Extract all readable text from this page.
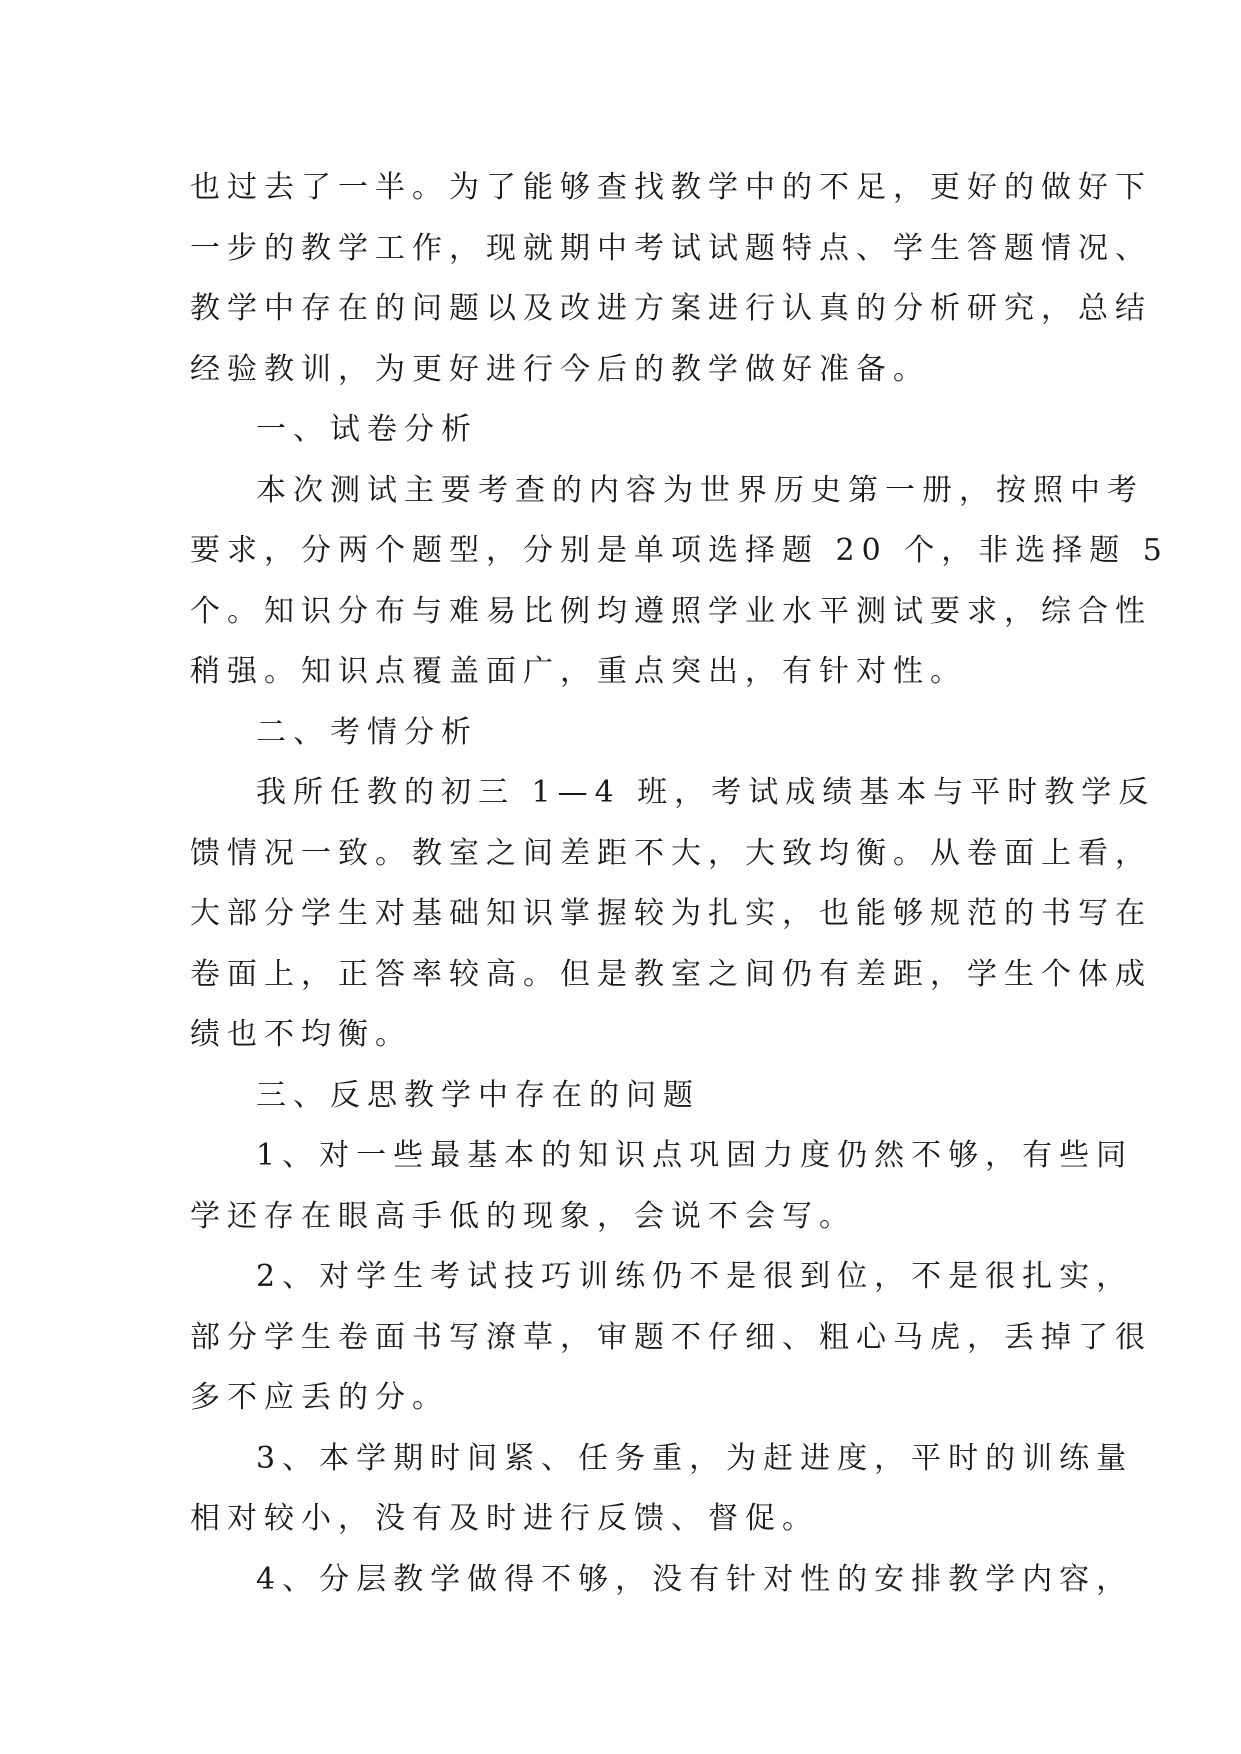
也过去了一半。为了能够查找教学中的不足，更好的做好下
一步的教学工作，现就期中考试试题特点、学生答题情况、
教学中存在的问题以及改进方案进行认真的分析研究，总结
经验教训，为更好进行今后的教学做好准备。
一、试卷分析
本次测试主要考查的内容为世界历史第一册，按照中考
要求，分两个题型，分别是单项选择题 20 个，非选择题 5
个。知识分布与难易比例均遵照学业水平测试要求，综合性
稍强。知识点覆盖面广，重点突出，有针对性。
二、考情分析
我所任教的初三 1—4 班，考试成绩基本与平时教学反
馈情况一致。教室之间差距不大，大致均衡。从卷面上看，
大部分学生对基础知识掌握较为扎实，也能够规范的书写在
卷面上，正答率较高。但是教室之间仍有差距，学生个体成
绩也不均衡。
三、反思教学中存在的问题
1、对一些最基本的知识点巩固力度仍然不够，有些同
学还存在眼高手低的现象，会说不会写。
2、对学生考试技巧训练仍不是很到位，不是很扎实，
部分学生卷面书写潦草，审题不仔细、粗心马虎，丢掉了很
多不应丢的分。
3、本学期时间紧、任务重，为赶进度，平时的训练量
相对较小，没有及时进行反馈、督促。
4、分层教学做得不够，没有针对性的安排教学内容，
